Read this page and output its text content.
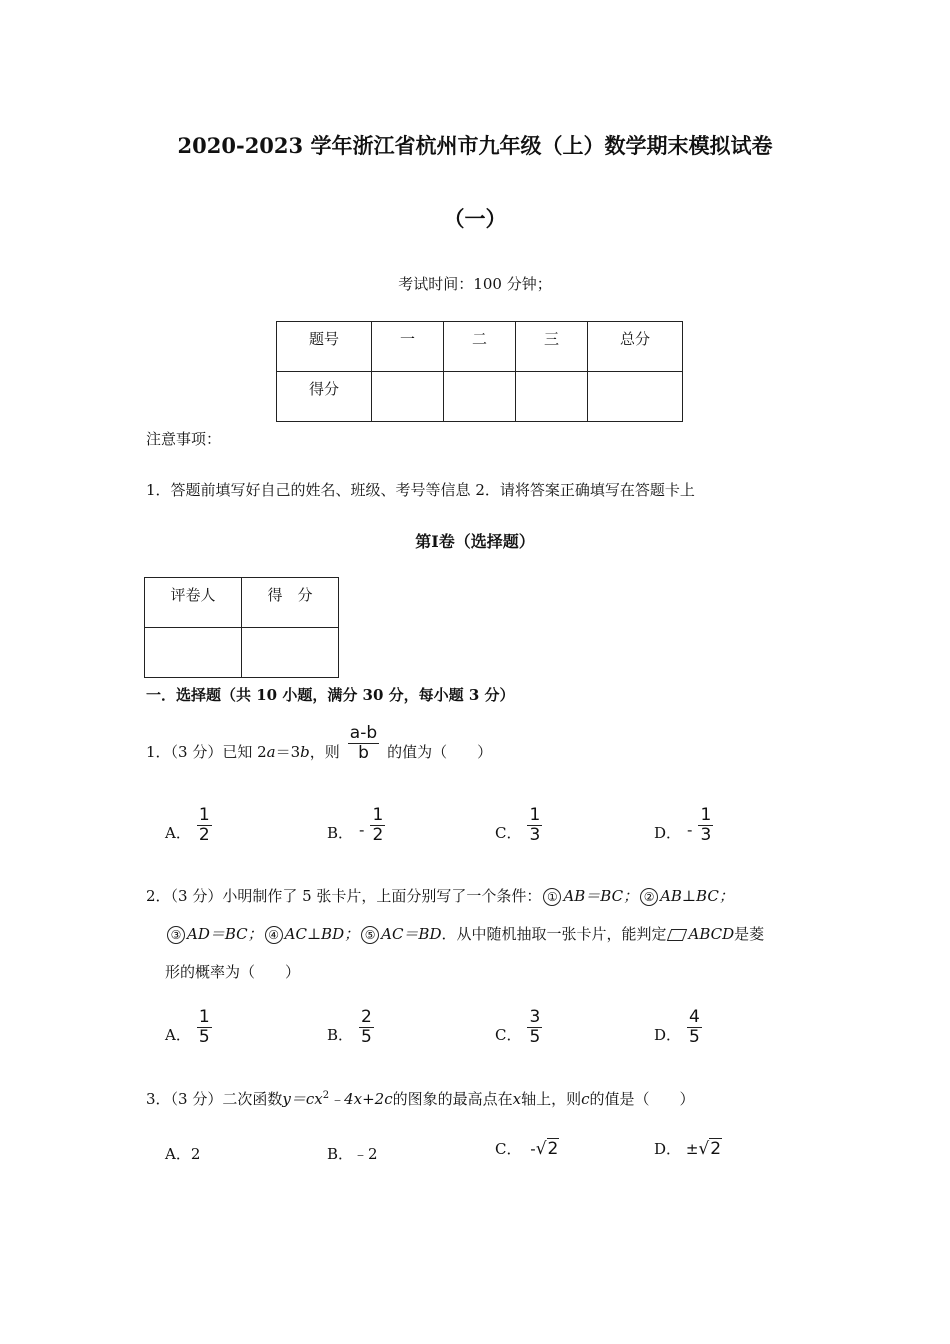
2020-2023 学年浙江省杭州市九年级（上）数学期末模拟试卷
（一）
考试时间：100 分钟；
题号	一	二	三	总分
得分				
注意事项：
1．答题前填写好自己的姓名、班级、考号等信息 2．请将答案正确填写在答题卡上
第Ⅰ卷（选择题）
评卷人	得　分

一．选择题（共 10 小题，满分 30 分，每小题 3 分）
1．（3 分）已知 2 a ＝3 b ，则 $\frac{a-b}{b}$ 的值为（　　）
A． $\frac{1}{2}$	B． - $\frac{1}{2}$	C． $\frac{1}{3}$	D． - $\frac{1}{3}$
2．（3 分）小明制作了 5 张卡片，上面分别写了一个条件： ① AB＝BC； ② AB⊥BC；
③ AD＝BC； ④ AC⊥BD； ⑤ AC＝BD．从中随机抽取一张卡片，能判定 ABCD是菱
形的概率为（　　）
A． $\frac{1}{5}$	B． $\frac{2}{5}$	C． $\frac{3}{5}$	D． $\frac{4}{5}$
3．（3 分）二次函数$y=cx^2﹣4x+2c$的图象的最高点在x轴上，则c的值是（　　）
A．2	B．﹣2	C． -√2	D． ±√2
